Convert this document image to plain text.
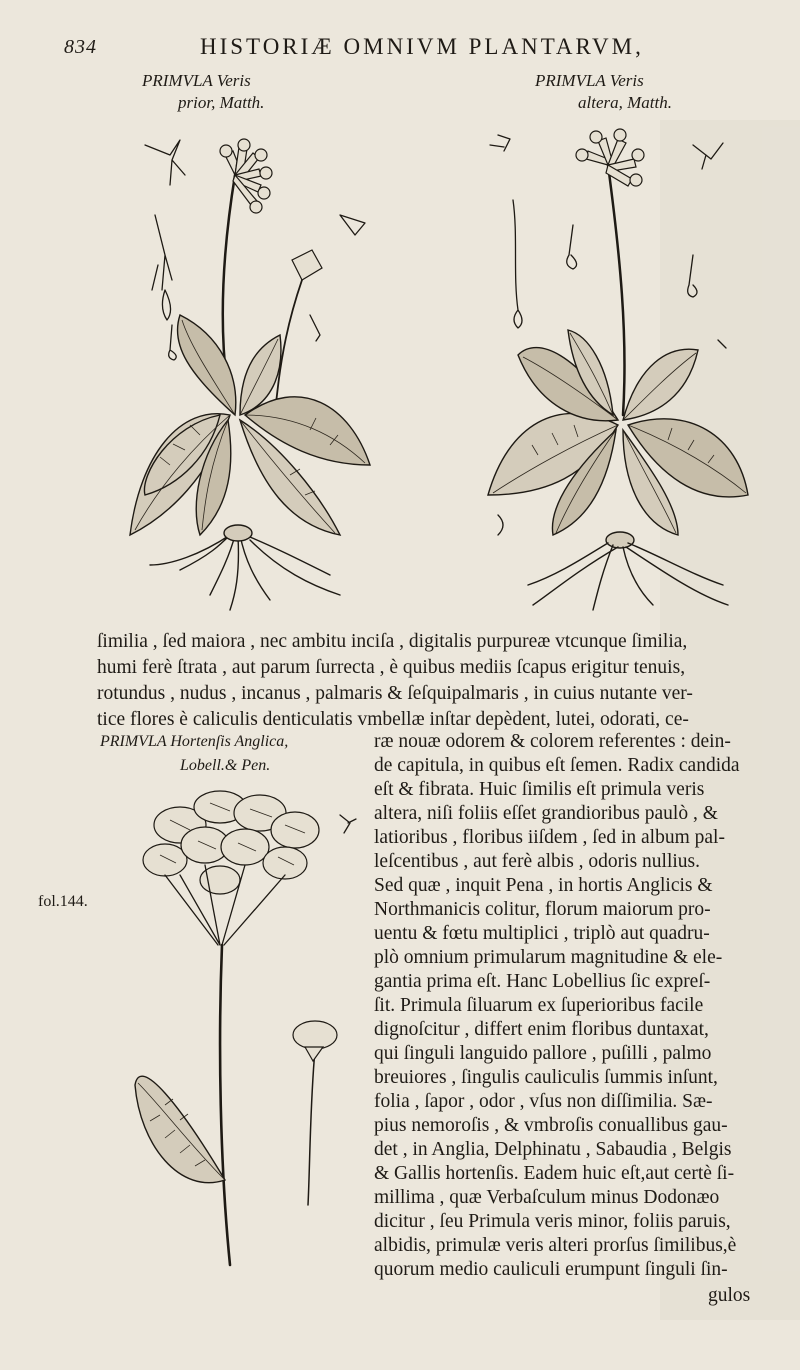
834	HISTORIÆ OMNIVM PLANTARVM,
PRIMVLA Veris
prior, Matth.
PRIMVLA Veris
altera, Matth.
ſimilia , ſed maiora , nec ambitu inciſa , digitalis purpureæ vtcunque ſimilia,
humi ferè ſtrata , aut parum ſurrecta , è quibus mediis ſcapus erigitur tenuis,
rotundus , nudus , incanus , palmaris & ſeſquipalmaris , in cuius nutante ver-
tice flores è caliculis denticulatis vmbellæ inſtar depèdent, lutei, odorati, ce-
PRIMVLA Hortenſis Anglica,
Lobell.& Pen.
fol.144.
ræ nouæ odorem & colorem referentes : dein-
de capitula, in quibus eſt ſemen. Radix candida
eſt & fibrata. Huic ſimilis eſt primula veris
altera, niſi foliis eſſet grandioribus paulò , &
latioribus , floribus iiſdem , ſed in album pal-
leſcentibus , aut ferè albis , odoris nullius.
Sed quæ , inquit Pena , in hortis Anglicis &
Northmanicis colitur, florum maiorum pro-
uentu & fœtu multiplici , triplò aut quadru-
plò omnium primularum magnitudine & ele-
gantia prima eſt. Hanc Lobellius ſic expreſ-
ſit. Primula ſiluarum ex ſuperioribus facile
dignoſcitur , differt enim floribus duntaxat,
qui ſinguli languido pallore , puſilli , palmo
breuiores , ſingulis cauliculis ſummis inſunt,
folia , ſapor , odor , vſus non diſſimilia. Sæ-
pius nemoroſis , & vmbroſis conuallibus gau-
det , in Anglia, Delphinatu , Sabaudia , Belgis
& Gallis hortenſis. Eadem huic eſt,aut certè ſi-
millima , quæ Verbaſculum minus Dodonæo
dicitur , ſeu Primula veris minor, foliis paruis,
albidis, primulæ veris alteri prorſus ſimilibus,è
quorum medio cauliculi erumpunt ſinguli ſin-
gulos
